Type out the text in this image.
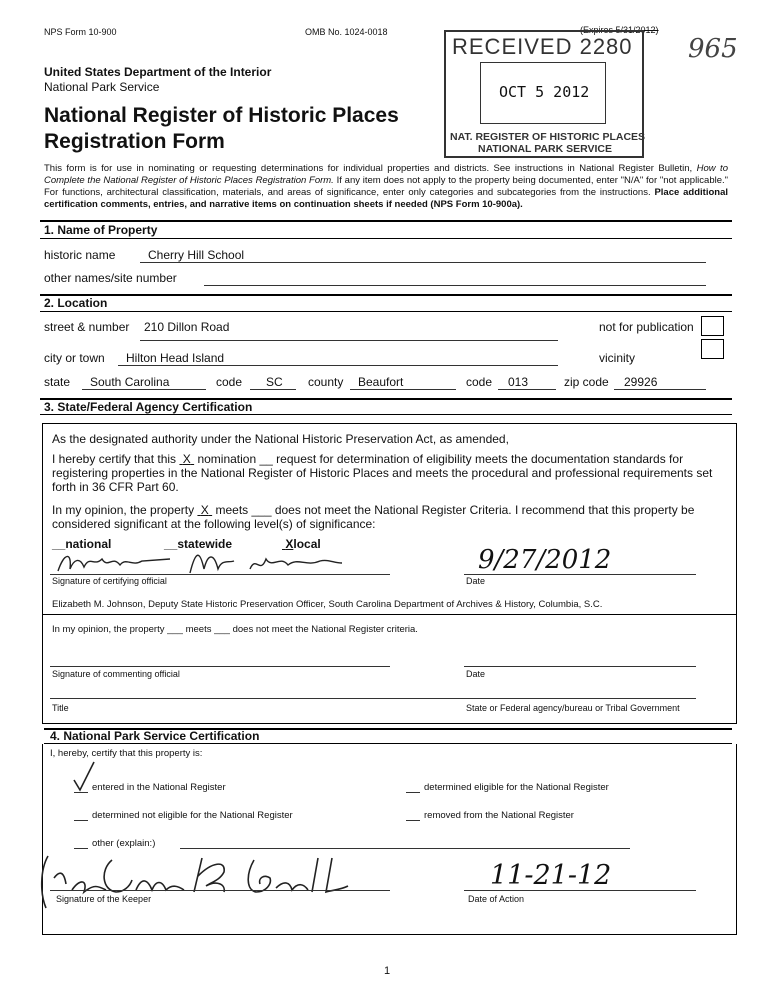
NPS Form 10-900	OMB No. 1024-0018	(Expires 5/31/2012)
965
United States Department of the Interior
National Park Service
National Register of Historic Places
Registration Form
RECEIVED 2280
OCT 5 2012
NAT. REGISTER OF HISTORIC PLACES
NATIONAL PARK SERVICE
This form is for use in nominating or requesting determinations for individual properties and districts. See instructions in National Register Bulletin, How to Complete the National Register of Historic Places Registration Form. If any item does not apply to the property being documented, enter "N/A" for "not applicable." For functions, architectural classification, materials, and areas of significance, enter only categories and subcategories from the instructions. Place additional certification comments, entries, and narrative items on continuation sheets if needed (NPS Form 10-900a).
1. Name of Property
historic name	Cherry Hill School
other names/site number
2. Location
street & number 210 Dillon Road	not for publication
city or town Hilton Head Island	vicinity
state South Carolina	code SC county Beaufort	code 013	zip code 29926
3. State/Federal Agency Certification
As the designated authority under the National Historic Preservation Act, as amended,
I hereby certify that this X nomination __ request for determination of eligibility meets the documentation standards for registering properties in the National Register of Historic Places and meets the procedural and professional requirements set forth in 36 CFR Part 60.
In my opinion, the property X meets ___ does not meet the National Register Criteria. I recommend that this property be considered significant at the following level(s) of significance:
__national	__statewide	Xlocal
Signature of certifying official
9/27/2012
Date
Elizabeth M. Johnson, Deputy State Historic Preservation Officer, South Carolina Department of Archives & History, Columbia, S.C.
In my opinion, the property ___ meets ___ does not meet the National Register criteria.
Signature of commenting official	Date
Title	State or Federal agency/bureau or Tribal Government
4. National Park Service Certification
I, hereby, certify that this property is:
entered in the National Register	determined eligible for the National Register
determined not eligible for the National Register	removed from the National Register
other (explain:)
Signature of the Keeper
11-21-12
Date of Action
1
